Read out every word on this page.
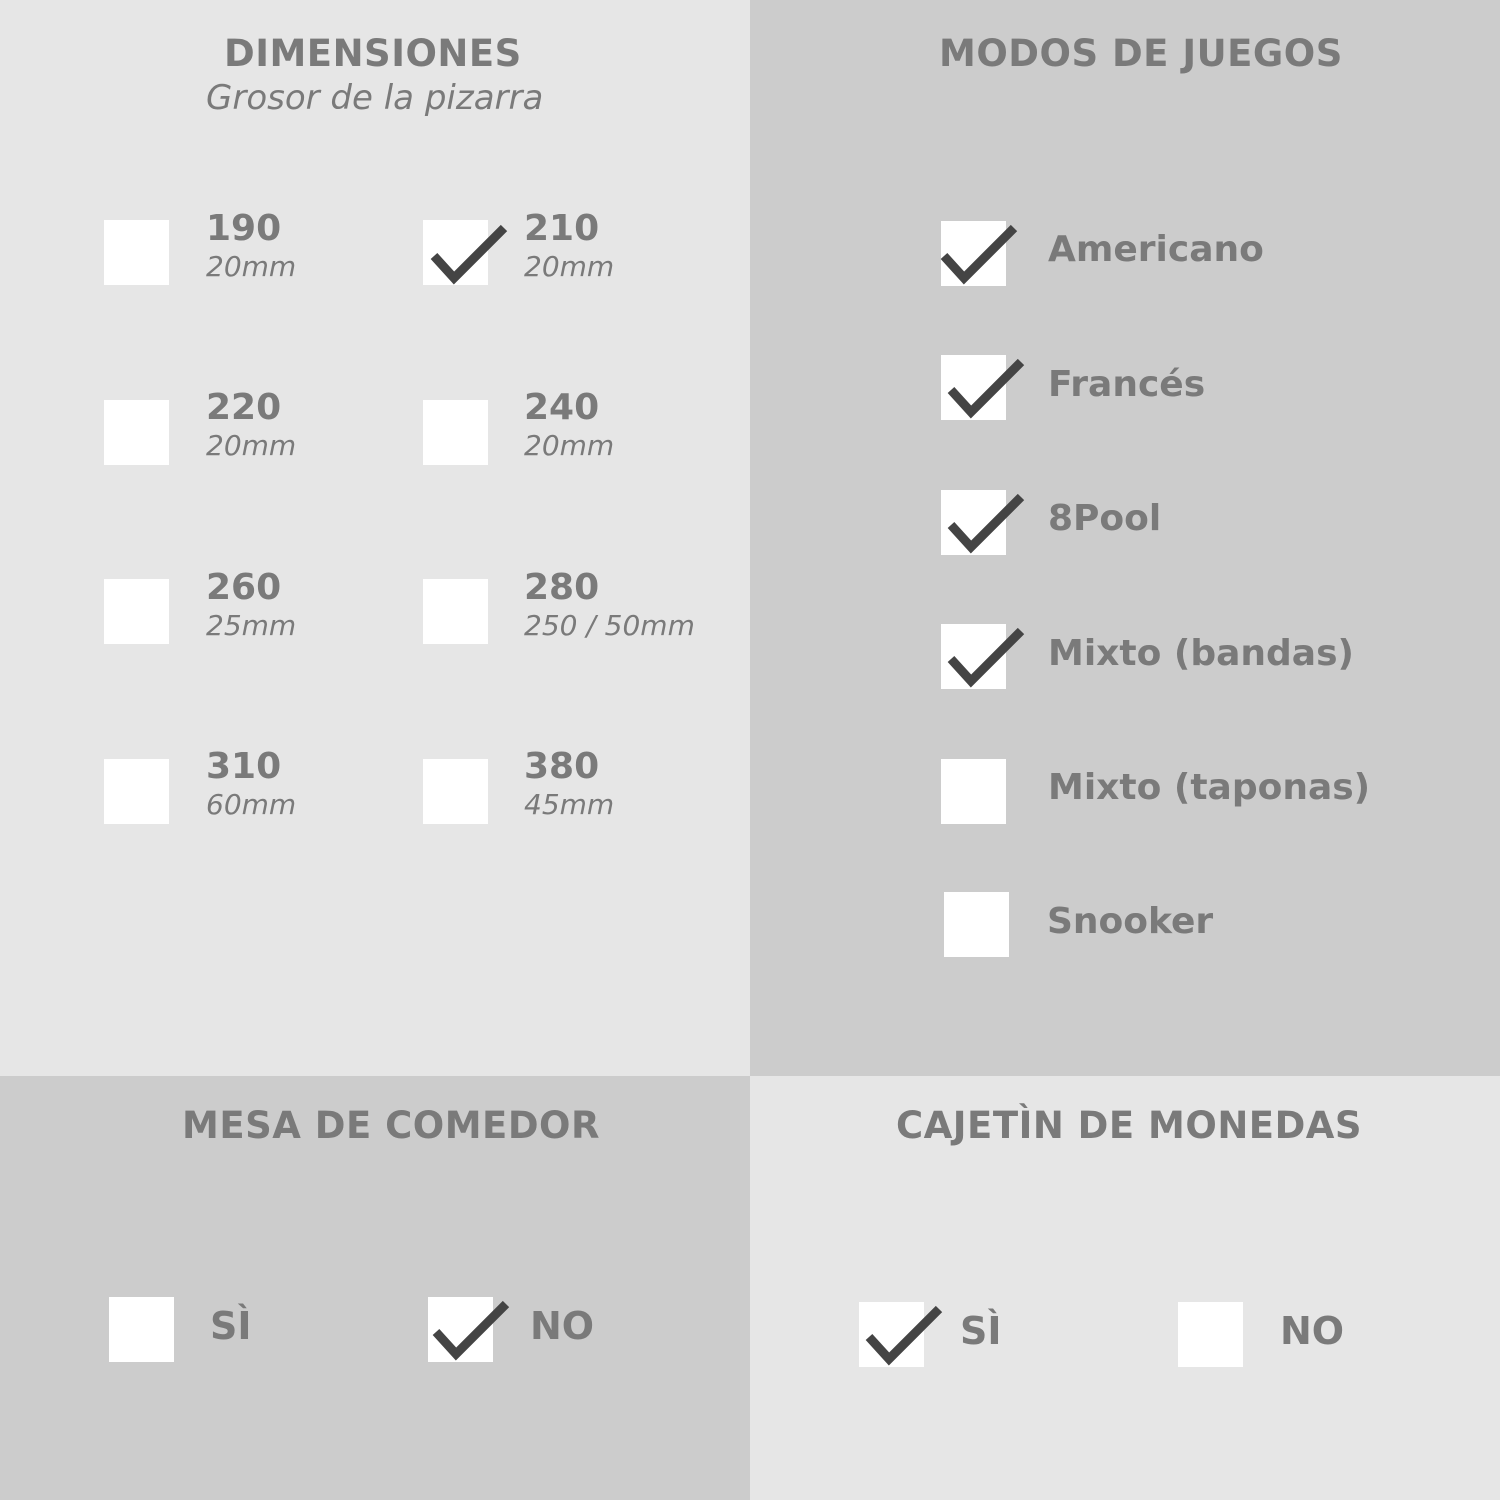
DIMENSIONES
Grosor de la pizarra
190
20mm
210
20mm
220
20mm
240
20mm
260
25mm
280
250 / 50mm
310
60mm
380
45mm
MODOS DE JUEGOS
Americano
Francés
8Pool
Mixto (bandas)
Mixto (taponas)
Snooker
MESA DE COMEDOR
SÌ	NO
CAJETÌN DE MONEDAS
SÌ	NO
